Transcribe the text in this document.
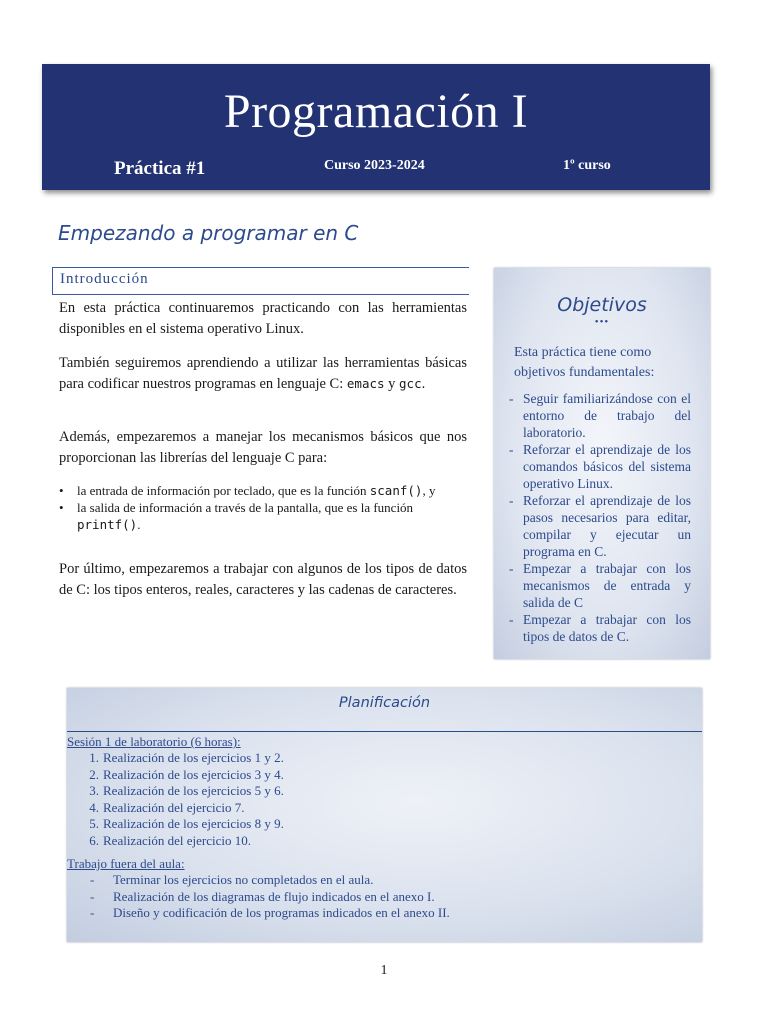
Programación I
Práctica #1	Curso 2023-2024	1º curso
Empezando a programar en C
Introducción

En esta práctica continuaremos practicando con las herramientas disponibles en el sistema operativo Linux.

También seguiremos aprendiendo a utilizar las herramientas básicas para codificar nuestros programas en lenguaje C: emacs y gcc.

Además, empezaremos a manejar los mecanismos básicos que nos proporcionan las librerías del lenguaje C para:

• la entrada de información por teclado, que es la función scanf(), y
• la salida de información a través de la pantalla, que es la función printf().

Por último, empezaremos a trabajar con algunos de los tipos de datos de C: los tipos enteros, reales, caracteres y las cadenas de caracteres.

Objetivos
•••
Esta práctica tiene como objetivos fundamentales:
- Seguir familiarizándose con el entorno de trabajo del laboratorio.
- Reforzar el aprendizaje de los comandos básicos del sistema operativo Linux.
- Reforzar el aprendizaje de los pasos necesarios para editar, compilar y ejecutar un programa en C.
- Empezar a trabajar con los mecanismos de entrada y salida de C
- Empezar a trabajar con los tipos de datos de C.
Planificación
Sesión 1 de laboratorio (6 horas):
1. Realización de los ejercicios 1 y 2.
2. Realización de los ejercicios 3 y 4.
3. Realización de los ejercicios 5 y 6.
4. Realización del ejercicio 7.
5. Realización de los ejercicios 8 y 9.
6. Realización del ejercicio 10.
Trabajo fuera del aula:
- Terminar los ejercicios no completados en el aula.
- Realización de los diagramas de flujo indicados en el anexo I.
- Diseño y codificación de los programas indicados en el anexo II.
1
